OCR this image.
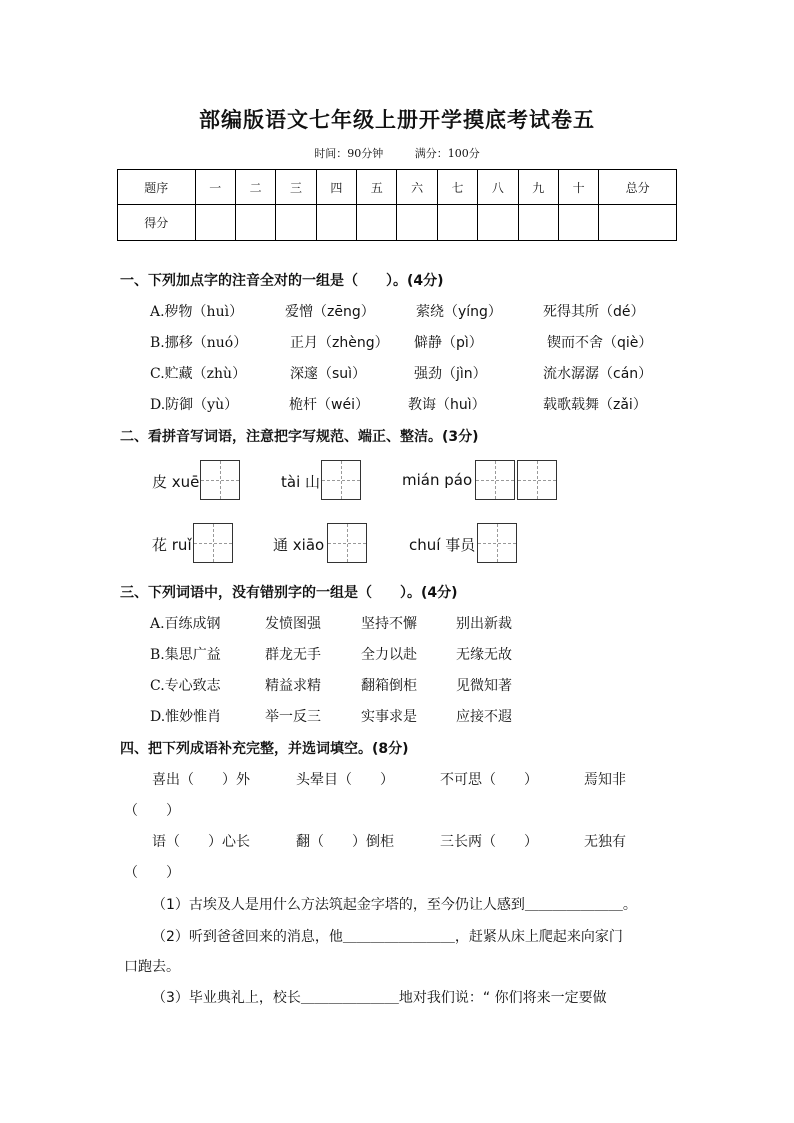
部编版语文七年级上册开学摸底考试卷五
时间：90分钟	满分：100分
题序	一	二	三	四	五	六	七	八	九	十	总分
得分											
一、下列加点字的注音全对的一组是（　　）。(4分)
A.秽物（huì）	爱憎（zēng）	萦绕（yíng）	死得其所（dé）
B.挪移（nuó）	正月（zhèng） 僻静（pì）	锲而不舍（qiè）
C.贮藏（zhù）	深邃（suì）	强劲（jìn）	流水潺潺（cán）
D.防御（yù）	桅杆（wéi）	教诲（huì）	载歌载舞（zǎi）
二、看拼音写词语，注意把字写规范、端正、整洁。(3分)
皮 xuē	tài 山	mián páo
花 ruǐ	通 xiāo	chuí 事员
三、下列词语中，没有错别字的一组是（　　）。(4分)
A.百练成钢	发愤图强	坚持不懈	别出新裁
B.集思广益	群龙无手	全力以赴	无缘无故
C.专心致志	精益求精	翻箱倒柜	见微知著
D.惟妙惟肖	举一反三	实事求是	应接不遐
四、把下列成语补充完整，并选词填空。(8分)
喜出（　　）外	头晕目（　　）	不可思（　　）	焉知非
（　　）
语（　　）心长	翻（　　）倒柜	三长两（　　）	无独有
（　　）
（1）古埃及人是用什么方法筑起金字塔的，至今仍让人感到＿＿＿＿＿＿＿。
（2）听到爸爸回来的消息，他＿＿＿＿＿＿＿＿，赶紧从床上爬起来向家门
口跑去。
（3）毕业典礼上，校长＿＿＿＿＿＿＿地对我们说：“ 你们将来一定要做
